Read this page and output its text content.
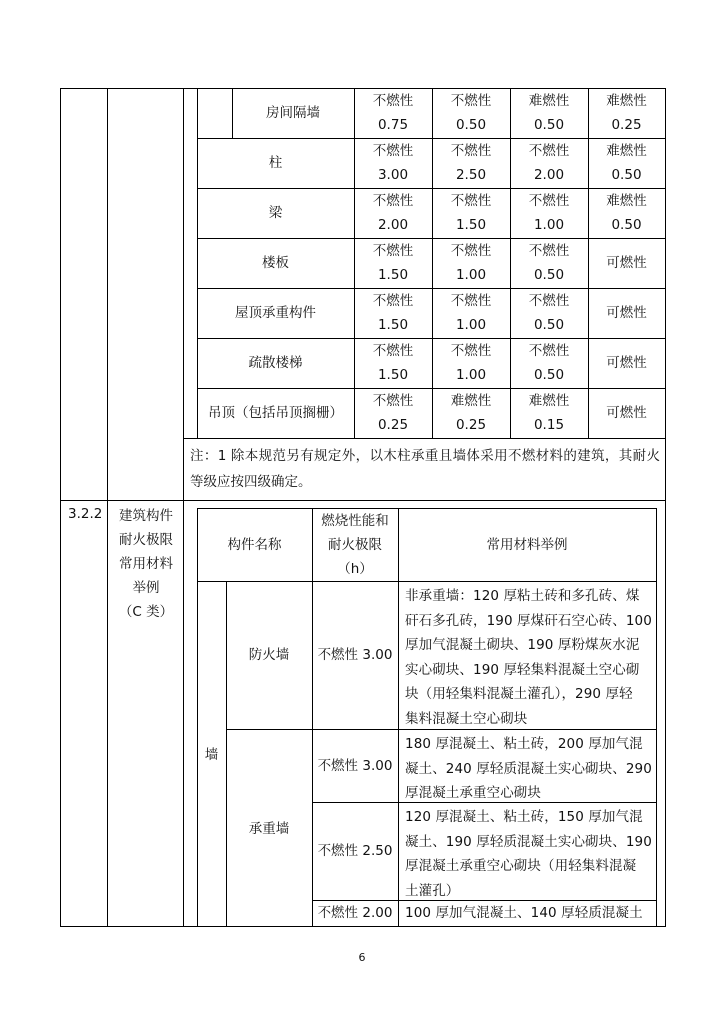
房间隔墙
不燃性
0.75
不燃性
0.50
难燃性
0.50
难燃性
0.25
柱
不燃性
3.00
不燃性
2.50
不燃性
2.00
难燃性
0.50
梁
不燃性
2.00
不燃性
1.50
不燃性
1.00
难燃性
0.50
楼板
不燃性
1.50
不燃性
1.00
不燃性
0.50
可燃性
屋顶承重构件
不燃性
1.50
不燃性
1.00
不燃性
0.50
可燃性
疏散楼梯
不燃性
1.50
不燃性
1.00
不燃性
0.50
可燃性
吊顶（包括吊顶搁栅）
不燃性
0.25
难燃性
0.25
难燃性
0.15
可燃性
注：1 除本规范另有规定外，以木柱承重且墙体采用不燃材料的建筑，其耐火等级应按四级确定。
3.2.2	建筑构件
耐火极限
常用材料
举例
（C 类）
构件名称
燃烧性能和
耐火极限
（h）
常用材料举例
墙
防火墙	不燃性 3.00
非承重墙：120 厚粘土砖和多孔砖、煤
矸石多孔砖，190 厚煤矸石空心砖、100
厚加气混凝土砌块、190 厚粉煤灰水泥
实心砌块、190 厚轻集料混凝土空心砌
块（用轻集料混凝土灌孔），290 厚轻
集料混凝土空心砌块
承重墙
不燃性 3.00
180 厚混凝土、粘土砖，200 厚加气混
凝土、240 厚轻质混凝土实心砌块、290
厚混凝土承重空心砌块
不燃性 2.50
120 厚混凝土、粘土砖，150 厚加气混
凝土、190 厚轻质混凝土实心砌块、190
厚混凝土承重空心砌块（用轻集料混凝
土灌孔）
不燃性 2.00 100 厚加气混凝土、140 厚轻质混凝土
6
